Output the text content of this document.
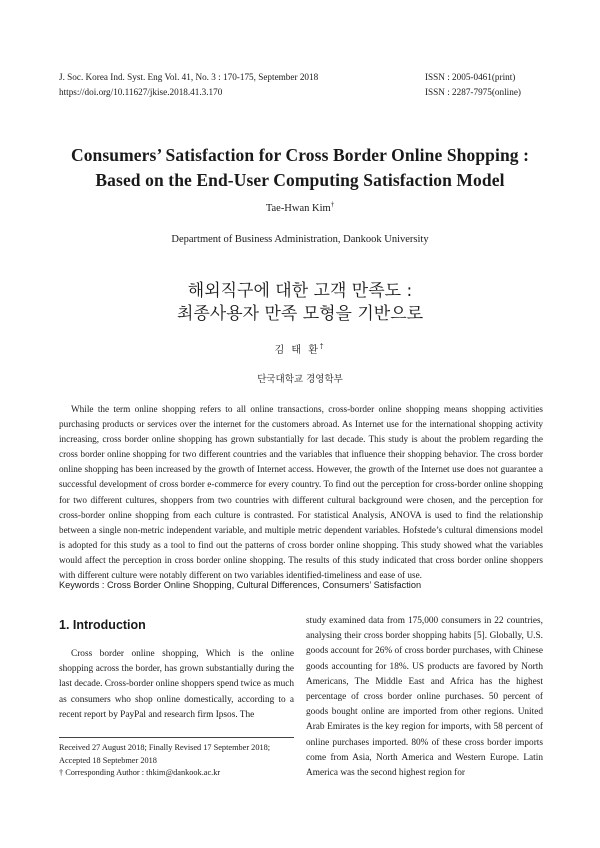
J. Soc. Korea Ind. Syst. Eng Vol. 41, No. 3 : 170-175, September 2018
https://doi.org/10.11627/jkise.2018.41.3.170
ISSN : 2005-0461(print)
ISSN : 2287-7975(online)
Consumers’ Satisfaction for Cross Border Online Shopping :
Based on the End-User Computing Satisfaction Model
Tae-Hwan Kim†
Department of Business Administration, Dankook University
해외직구에 대한 고객 만족도 :
최종사용자 만족 모형을 기반으로
김 태 환†
단국대학교 경영학부

While the term online shopping refers to all online transactions, cross-border online shopping means shopping activities purchasing products or services over the internet for the customers abroad. As Internet use for the international shopping activity increasing, cross border online shopping has grown substantially for last decade. This study is about the problem regarding the cross border online shopping for two different countries and the variables that influence their shopping behavior. The cross border online shopping has been increased by the growth of Internet access. However, the growth of the Internet use does not guarantee a successful development of cross border e-commerce for every country. To find out the perception for cross-border online shopping for two different cultures, shoppers from two countries with different cultural background were chosen, and the perception for cross-border online shopping from each culture is contrasted. For statistical Analysis, ANOVA is used to find the relationship between a single non-metric independent variable, and multiple metric dependent variables. Hofstede’s cultural dimensions model is adopted for this study as a tool to find out the patterns of cross border online shopping. This study showed what the variables would affect the perception in cross border online shopping. The results of this study indicated that cross border online shoppers with different culture were notably different on two variables identified-timeliness and ease of use.

Keywords : Cross Border Online Shopping, Cultural Differences, Consumers’ Satisfaction
1. Introduction

Cross border online shopping, Which is the online shopping across the border, has grown substantially during the last decade. Cross-border online shoppers spend twice as much as consumers who shop online domestically, according to a recent report by PayPal and research firm Ipsos. The

study examined data from 175,000 consumers in 22 countries, analysing their cross border shopping habits [5]. Globally, U.S. goods account for 26% of cross border purchases, with Chinese goods accounting for 18%. US products are favored by North Americans, The Middle East and Africa has the highest percentage of cross border online purchases. 50 percent of goods bought online are imported from other regions. United Arab Emirates is the key region for imports, with 58 percent of online purchases imported. 80% of these cross border imports come from Asia, North America and Western Europe. Latin America was the second highest region for

Received 27 August 2018; Finally Revised 17 September 2018;
Accepted 18 Septebmer 2018
† Corresponding Author : thkim@dankook.ac.kr
